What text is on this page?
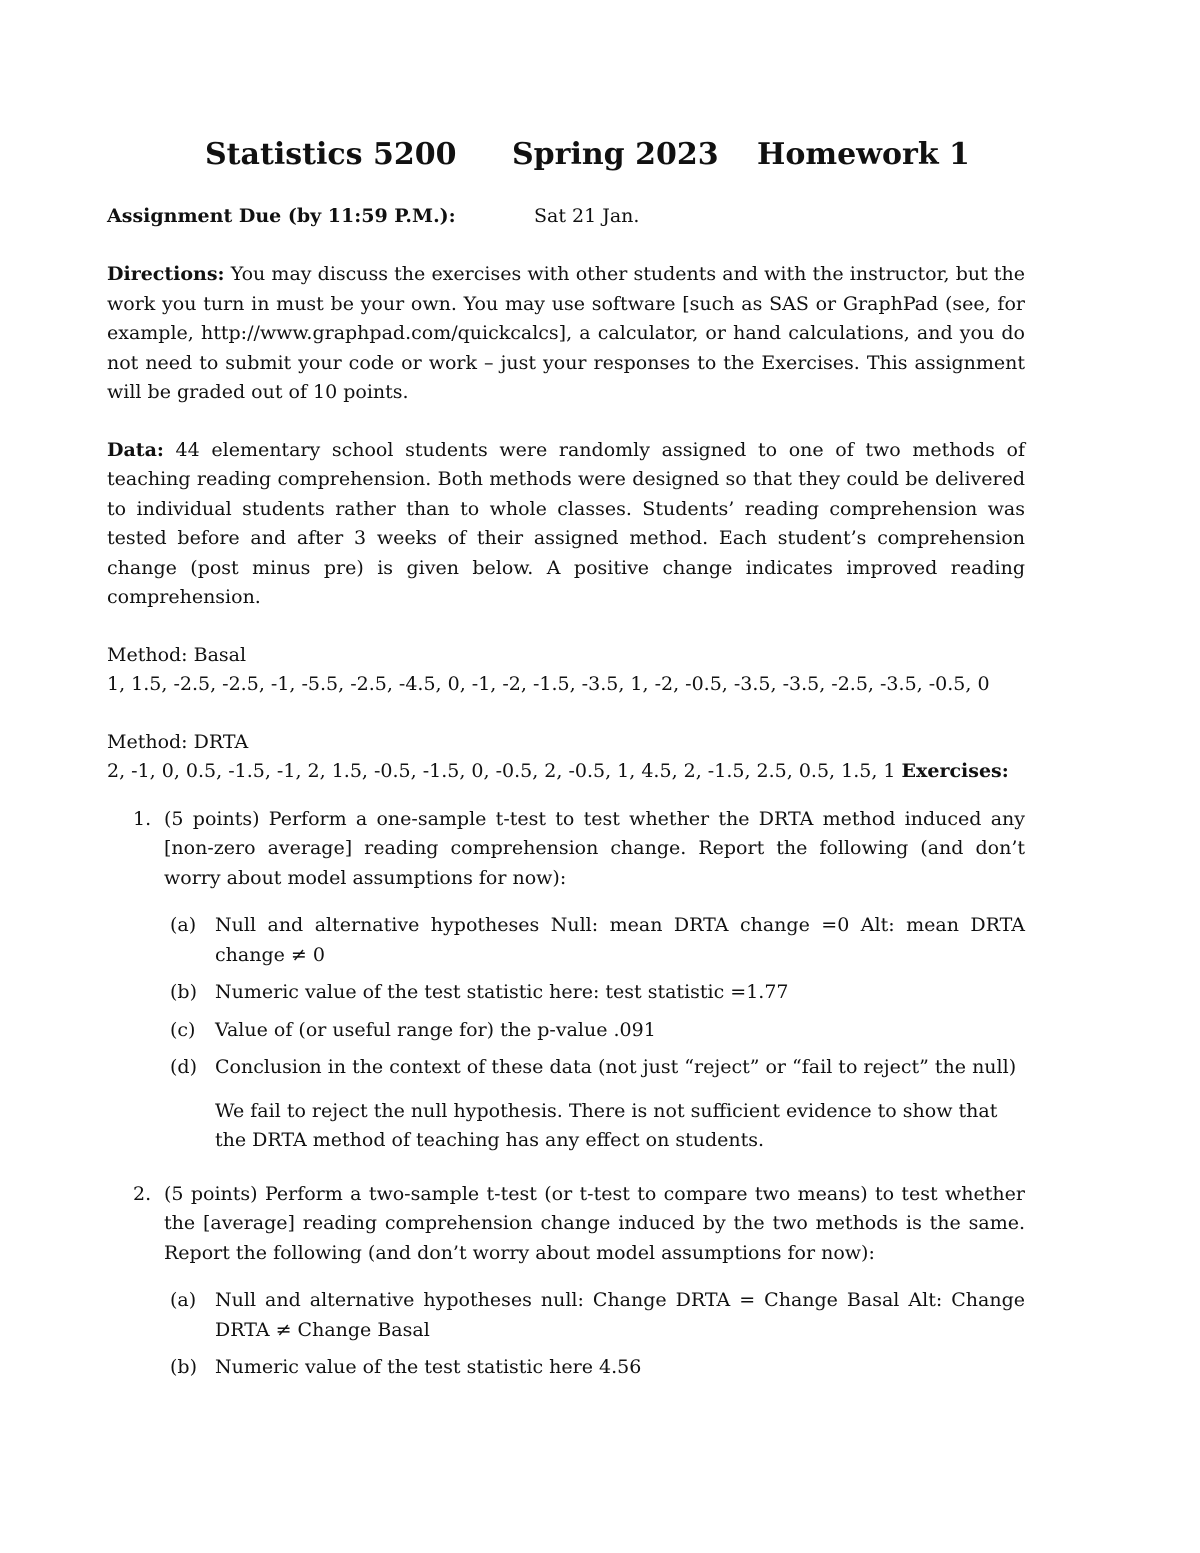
Statistics 5200 Spring 2023 Homework 1
Assignment Due (by 11:59 P.M.):	Sat 21 Jan.

Directions: You may discuss the exercises with other students and with the instructor, but the work you turn in must be your own. You may use software [such as SAS or GraphPad (see, for example, http://www.graphpad.com/quickcalcs], a calculator, or hand calculations, and you do not need to submit your code or work – just your responses to the Exercises. This assignment will be graded out of 10 points.

Data: 44 elementary school students were randomly assigned to one of two methods of teaching reading comprehension. Both methods were designed so that they could be delivered to individual students rather than to whole classes. Students’ reading comprehension was tested before and after 3 weeks of their assigned method. Each student’s comprehension change (post minus pre) is given below. A positive change indicates improved reading comprehension.

Method: Basal

1, 1.5, -2.5, -2.5, -1, -5.5, -2.5, -4.5, 0, -1, -2, -1.5, -3.5, 1, -2, -0.5, -3.5, -3.5, -2.5, -3.5, -0.5, 0

Method: DRTA

2, -1, 0, 0.5, -1.5, -1, 2, 1.5, -0.5, -1.5, 0, -0.5, 2, -0.5, 1, 4.5, 2, -1.5, 2.5, 0.5, 1.5, 1 Exercises:

1. (5 points) Perform a one-sample t-test to test whether the DRTA method induced any [non-zero average] reading comprehension change. Report the following (and don’t worry about model assumptions for now):
(a) Null and alternative hypotheses Null: mean DRTA change =0 Alt: mean DRTA change ≠ 0
(b) Numeric value of the test statistic here: test statistic =1.77
(c) Value of (or useful range for) the p-value .091
(d) Conclusion in the context of these data (not just “reject” or “fail to reject” the null)
We fail to reject the null hypothesis. There is not sufficient evidence to show that the DRTA method of teaching has any effect on students.
2. (5 points) Perform a two-sample t-test (or t-test to compare two means) to test whether the [average] reading comprehension change induced by the two methods is the same. Report the following (and don’t worry about model assumptions for now):
(a) Null and alternative hypotheses null: Change DRTA = Change Basal Alt: Change DRTA ≠ Change Basal
(b) Numeric value of the test statistic here 4.56
